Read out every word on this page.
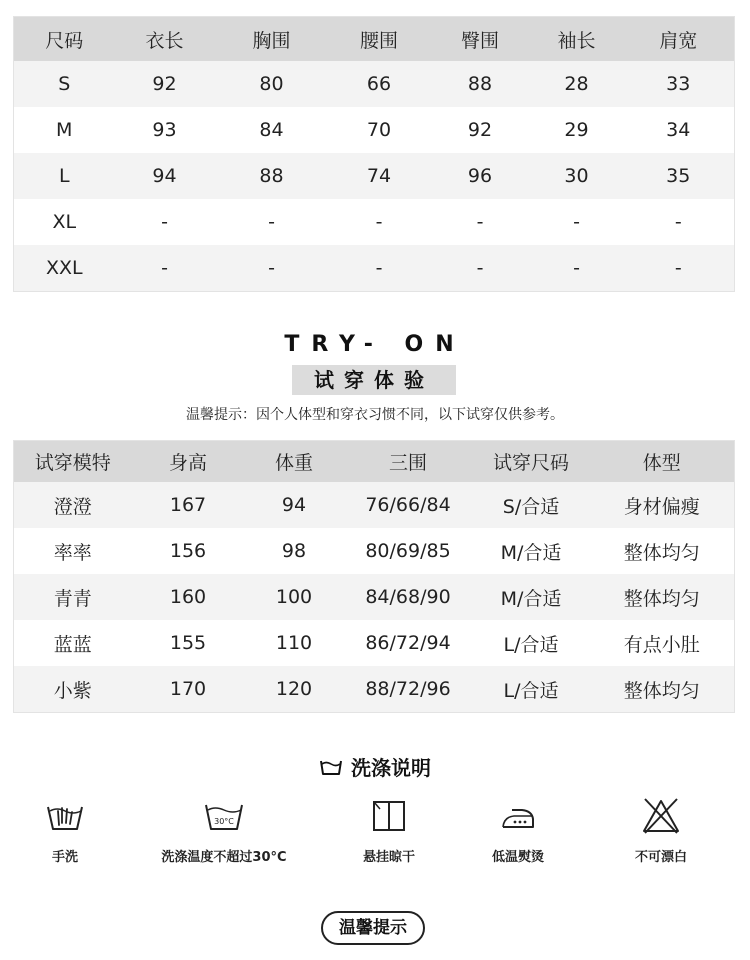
尺码	衣长	胸围	腰围	臀围	袖长	肩宽
S	92	80	66	88	28	33
M	93	84	70	92	29	34
L	94	88	74	96	30	35
XL	-	-	-	-	-	-
XXL	-	-	-	-	-	-
TRY- ON
试穿体验
温馨提示：因个人体型和穿衣习惯不同，以下试穿仅供参考。
试穿模特	身高	体重	三围	试穿尺码	体型
澄澄	167	94	76/66/84	S/合适	身材偏瘦
率率	156	98	80/69/85	M/合适	整体均匀
青青	160	100	84/68/90	M/合适	整体均匀
蓝蓝	155	110	86/72/94	L/合适	有点小肚
小紫	170	120	88/72/96	L/合适	整体均匀
洗涤说明
手洗
30°C
洗涤温度不超过30°C	悬挂晾干	低温熨烫	不可漂白
温馨提示
